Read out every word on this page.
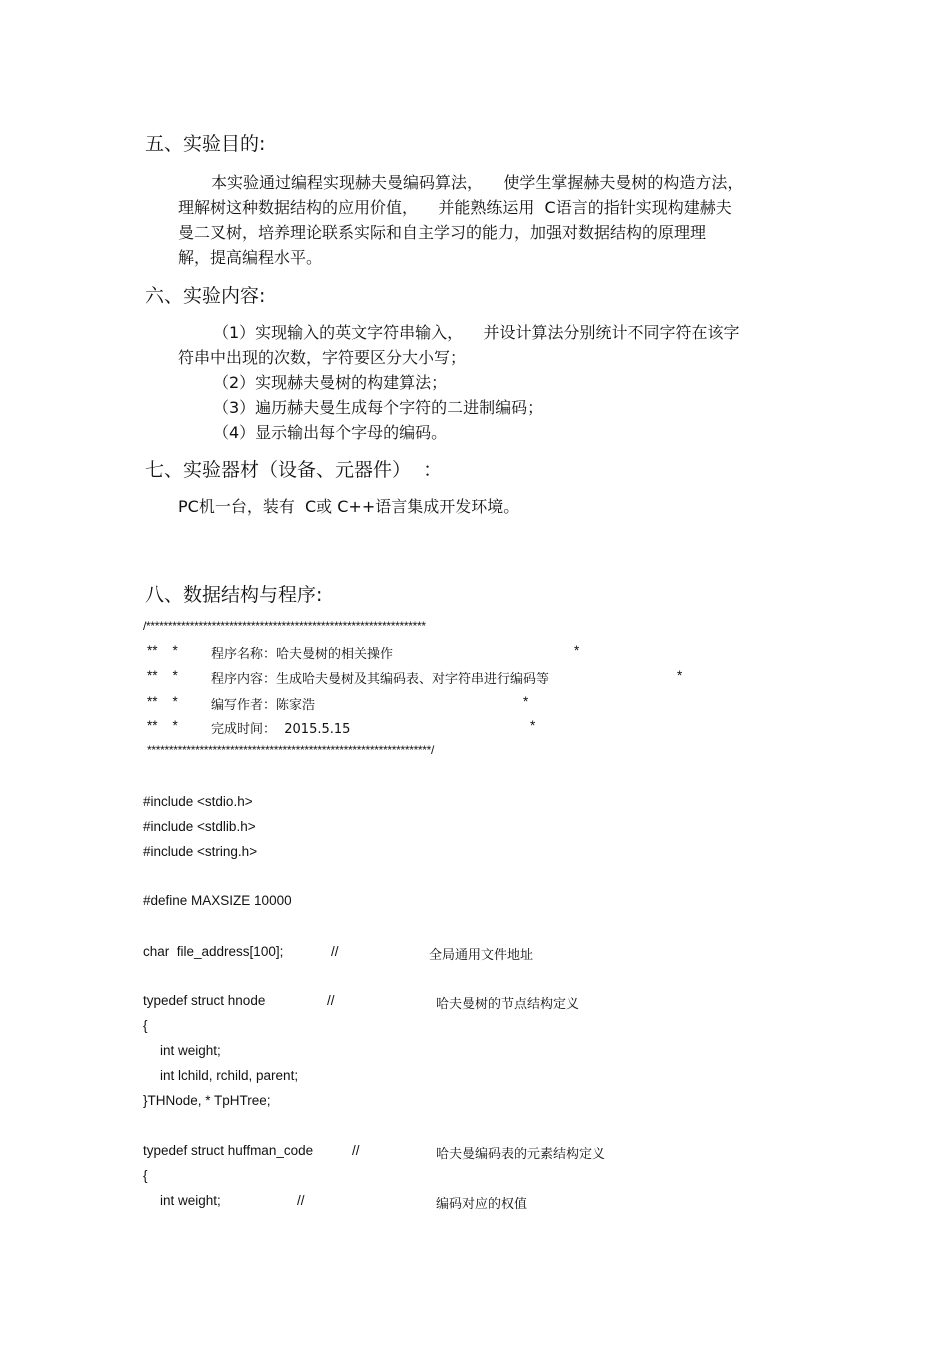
五、实验目的:
本实验通过编程实现赫夫曼编码算法，    使学生掌握赫夫曼树的构造方法，
理解树这种数据结构的应用价值，    并能熟练运用  C语言的指针实现构建赫夫
曼二叉树，培养理论联系实际和自主学习的能力，加强对数据结构的原理理
解，提高编程水平。
六、实验内容:
（1）实现输入的英文字符串输入，    并设计算法分别统计不同字符在该字
符串中出现的次数，字符要区分大小写；
（2）实现赫夫曼树的构建算法；
（3）遍历赫夫曼生成每个字符的二进制编码；
（4）显示输出每个字母的编码。
七、实验器材（设备、元器件）  ：
PC机一台，装有  C或 C++语言集成开发环境。
八、数据结构与程序:
/****************************************************************
**    *	程序名称：哈夫曼树的相关操作	*
**    *	程序内容：生成哈夫曼树及其编码表、对字符串进行编码等	*
**    *	编写作者：陈家浩	*
**    *	完成时间：  2015.5.15	*
*****************************************************************/
#include <stdio.h>
#include <stdlib.h>
#include <string.h>
#define MAXSIZE 10000
char  file_address[100];	//	全局通用文件地址
typedef struct hnode	//	哈夫曼树的节点结构定义
{
int weight;
int lchild, rchild, parent;
}THNode, * TpHTree;
typedef struct huffman_code	//	哈夫曼编码表的元素结构定义
{
int weight;	//	编码对应的权值
